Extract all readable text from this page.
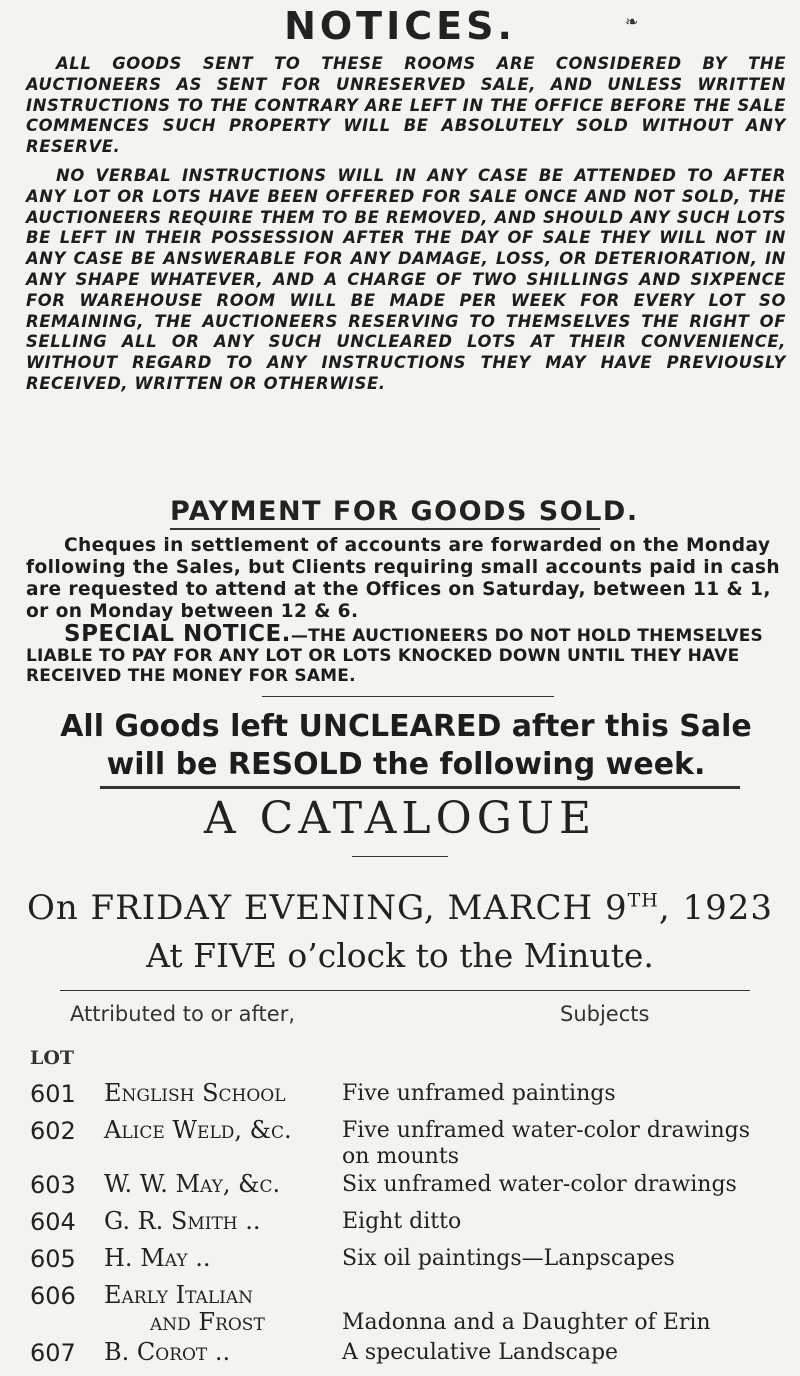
NOTICES.	❧
ALL GOODS SENT TO THESE ROOMS ARE CONSIDERED BY THE AUCTIONEERS AS SENT FOR UNRESERVED SALE, AND UNLESS WRITTEN INSTRUCTIONS TO THE CONTRARY ARE LEFT IN THE OFFICE BEFORE THE SALE COMMENCES SUCH PROPERTY WILL BE ABSOLUTELY SOLD WITHOUT ANY RESERVE.
NO VERBAL INSTRUCTIONS WILL IN ANY CASE BE ATTENDED TO AFTER ANY LOT OR LOTS HAVE BEEN OFFERED FOR SALE ONCE AND NOT SOLD, THE AUCTIONEERS REQUIRE THEM TO BE REMOVED, AND SHOULD ANY SUCH LOTS BE LEFT IN THEIR POSSESSION AFTER THE DAY OF SALE THEY WILL NOT IN ANY CASE BE ANSWERABLE FOR ANY DAMAGE, LOSS, OR DETERIORATION, IN ANY SHAPE WHATEVER, AND A CHARGE OF TWO SHILLINGS AND SIXPENCE FOR WAREHOUSE ROOM WILL BE MADE PER WEEK FOR EVERY LOT SO REMAINING, THE AUCTIONEERS RESERVING TO THEMSELVES THE RIGHT OF SELLING ALL OR ANY SUCH UNCLEARED LOTS AT THEIR CONVENIENCE, WITHOUT REGARD TO ANY INSTRUCTIONS THEY MAY HAVE PREVIOUSLY RECEIVED, WRITTEN OR OTHERWISE.
PAYMENT FOR GOODS SOLD.
Cheques in settlement of accounts are forwarded on the Monday following the Sales, but Clients requiring small accounts paid in cash are requested to attend at the Offices on Saturday, between 11 & 1, or on Monday between 12 & 6.
SPECIAL NOTICE.—THE AUCTIONEERS DO NOT HOLD THEMSELVES LIABLE TO PAY FOR ANY LOT OR LOTS KNOCKED DOWN UNTIL THEY HAVE RECEIVED THE MONEY FOR SAME.
All Goods left UNCLEARED after this Sale will be RESOLD the following week.
A CATALOGUE
On FRIDAY EVENING, MARCH 9TH, 1923
At FIVE o’clock to the Minute.
Attributed to or after,	Subjects
LOT
601 English School	Five unframed paintings
602 Alice Weld, &c.	Five unframed water-color drawings
on mounts
603 W. W. May, &c.	Six unframed water-color drawings
604 G. R. Smith ..	Eight ditto
605 H. May ..	Six oil paintings—Lanpscapes
606 Early Italian
and Frost	Madonna and a Daughter of Erin
607 B. Corot ..	A speculative Landscape
